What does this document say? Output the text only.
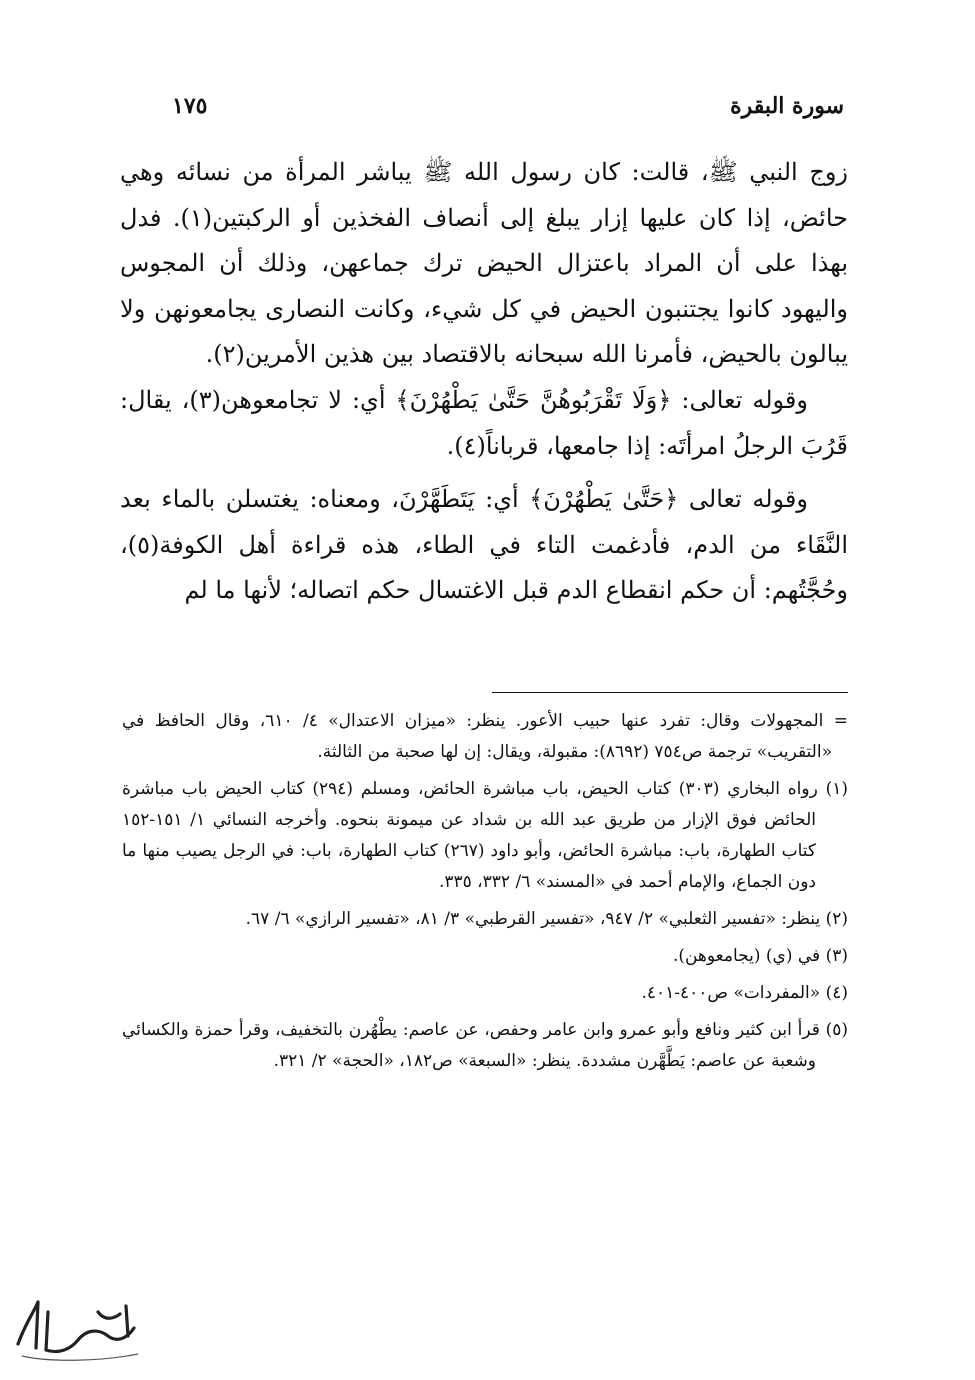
سورة البقرة
١٧٥

زوج النبي ﷺ، قالت: كان رسول الله ﷺ يباشر المرأة من نسائه وهي حائض، إذا كان عليها إزار يبلغ إلى أنصاف الفخذين أو الركبتين(١). فدل بهذا على أن المراد باعتزال الحيض ترك جماعهن، وذلك أن المجوس واليهود كانوا يجتنبون الحيض في كل شيء، وكانت النصارى يجامعونهن ولا يبالون بالحيض، فأمرنا الله سبحانه بالاقتصاد بين هذين الأمرين(٢).

وقوله تعالى: ﴿وَلَا تَقْرَبُوهُنَّ حَتَّىٰ يَطْهُرْنَ﴾ أي: لا تجامعوهن(٣)، يقال: قَرُبَ الرجلُ امرأتَه: إذا جامعها، قرباناً(٤).

وقوله تعالى ﴿حَتَّىٰ يَطْهُرْنَ﴾ أي: يَتَطَهَّرْنَ، ومعناه: يغتسلن بالماء بعد النَّقَاء من الدم، فأدغمت التاء في الطاء، هذه قراءة أهل الكوفة(٥)، وحُجَّتُهم: أن حكم انقطاع الدم قبل الاغتسال حكم اتصاله؛ لأنها ما لم

= المجهولات وقال: تفرد عنها حبيب الأعور. ينظر: «ميزان الاعتدال» ٤/ ٦١٠، وقال الحافظ في «التقريب» ترجمة ص٧٥٤ (٨٦٩٢): مقبولة، ويقال: إن لها صحبة من الثالثة.

(١) رواه البخاري (٣٠٣) كتاب الحيض، باب مباشرة الحائض، ومسلم (٢٩٤) كتاب الحيض باب مباشرة الحائض فوق الإزار من طريق عبد الله بن شداد عن ميمونة بنحوه. وأخرجه النسائي ١/ ١٥١-١٥٢ كتاب الطهارة، باب: مباشرة الحائض، وأبو داود (٢٦٧) كتاب الطهارة، باب: في الرجل يصيب منها ما دون الجماع، والإمام أحمد في «المسند» ٦/ ٣٣٢، ٣٣٥.

(٢) ينظر: «تفسير الثعلبي» ٢/ ٩٤٧، «تفسير القرطبي» ٣/ ٨١، «تفسير الرازي» ٦/ ٦٧.

(٣) في (ي) (يجامعوهن).

(٤) «المفردات» ص٤٠٠-٤٠١.

(٥) قرأ ابن كثير ونافع وأبو عمرو وابن عامر وحفص، عن عاصم: يطْهُرن بالتخفيف، وقرأ حمزة والكسائي وشعبة عن عاصم: يَطَّهَّرن مشددة. ينظر: «السبعة» ص١٨٢، «الحجة» ٢/ ٣٢١.
